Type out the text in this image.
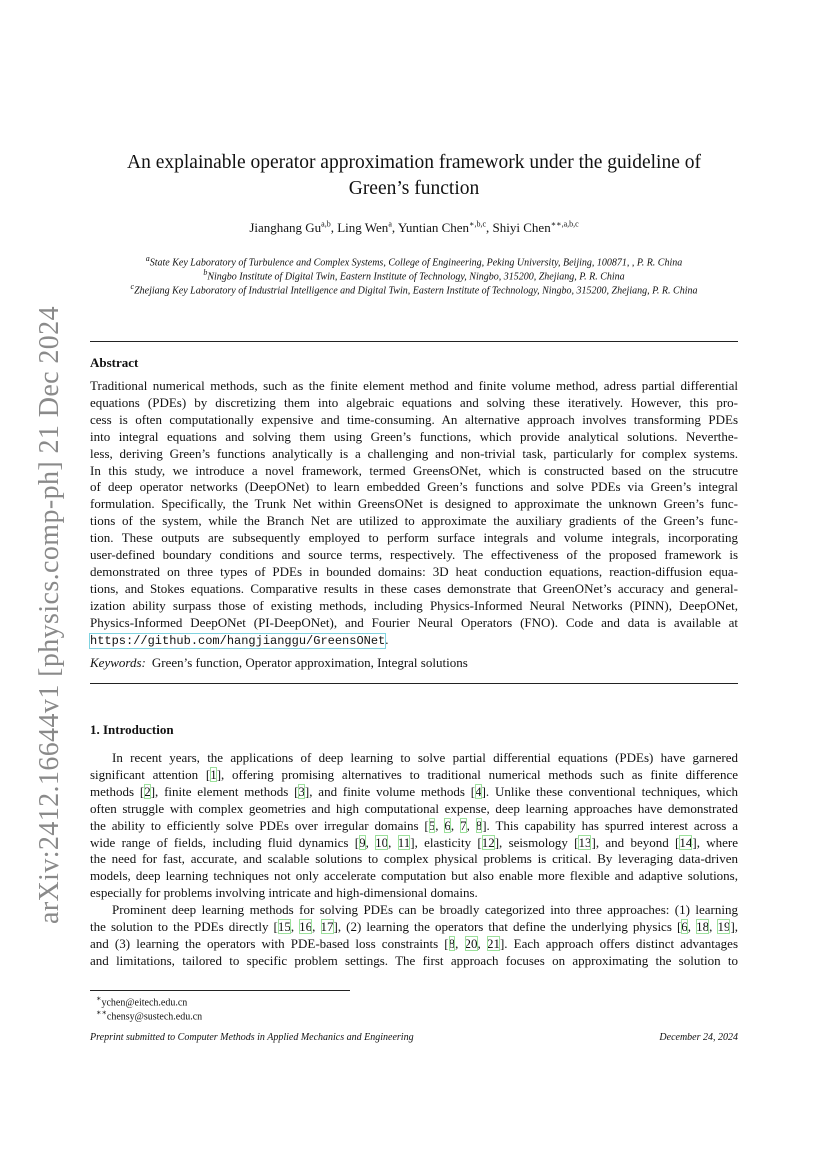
arXiv:2412.16644v1 [physics.comp-ph] 21 Dec 2024
An explainable operator approximation framework under the guideline of
Green’s function
Jianghang Gu$^{a,b}$, Ling Wen$^a$, Yuntian Chen$^{∗,b,c}$, Shiyi Chen$^{∗∗,a,b,c}$
$^a$State Key Laboratory of Turbulence and Complex Systems, College of Engineering, Peking University, Beijing, 100871, , P. R. China
$^b$Ningbo Institute of Digital Twin, Eastern Institute of Technology, Ningbo, 315200, Zhejiang, P. R. China
$^c$Zhejiang Key Laboratory of Industrial Intelligence and Digital Twin, Eastern Institute of Technology, Ningbo, 315200, Zhejiang, P. R. China
Abstract
Traditional numerical methods, such as the finite element method and finite volume method, adress partial differential
equations (PDEs) by discretizing them into algebraic equations and solving these iteratively. However, this pro-
cess is often computationally expensive and time-consuming. An alternative approach involves transforming PDEs
into integral equations and solving them using Green’s functions, which provide analytical solutions. Neverthe-
less, deriving Green’s functions analytically is a challenging and non-trivial task, particularly for complex systems.
In this study, we introduce a novel framework, termed GreensONet, which is constructed based on the strucutre
of deep operator networks (DeepONet) to learn embedded Green’s functions and solve PDEs via Green’s integral
formulation. Specifically, the Trunk Net within GreensONet is designed to approximate the unknown Green’s func-
tions of the system, while the Branch Net are utilized to approximate the auxiliary gradients of the Green’s func-
tion. These outputs are subsequently employed to perform surface integrals and volume integrals, incorporating
user-defined boundary conditions and source terms, respectively. The effectiveness of the proposed framework is
demonstrated on three types of PDEs in bounded domains: 3D heat conduction equations, reaction-diffusion equa-
tions, and Stokes equations. Comparative results in these cases demonstrate that GreenONet’s accuracy and general-
ization ability surpass those of existing methods, including Physics-Informed Neural Networks (PINN), DeepONet,
Physics-Informed DeepONet (PI-DeepONet), and Fourier Neural Operators (FNO). Code and data is available at
https://github.com/hangjianggu/GreensONet.
Keywords: Green’s function, Operator approximation, Integral solutions
1. Introduction
In recent years, the applications of deep learning to solve partial differential equations (PDEs) have garnered
significant attention [1], offering promising alternatives to traditional numerical methods such as finite difference
methods [2], finite element methods [3], and finite volume methods [4]. Unlike these conventional techniques, which
often struggle with complex geometries and high computational expense, deep learning approaches have demonstrated
the ability to efficiently solve PDEs over irregular domains [5, 6, 7, 8]. This capability has spurred interest across a
wide range of fields, including fluid dynamics [9, 10, 11], elasticity [12], seismology [13], and beyond [14], where
the need for fast, accurate, and scalable solutions to complex physical problems is critical. By leveraging data-driven
models, deep learning techniques not only accelerate computation but also enable more flexible and adaptive solutions,
especially for problems involving intricate and high-dimensional domains.
Prominent deep learning methods for solving PDEs can be broadly categorized into three approaches: (1) learning
the solution to the PDEs directly [15, 16, 17], (2) learning the operators that define the underlying physics [6, 18, 19],
and (3) learning the operators with PDE-based loss constraints [8, 20, 21]. Each approach offers distinct advantages
and limitations, tailored to specific problem settings. The first approach focuses on approximating the solution to
∗ychen@eitech.edu.cn
∗∗chensy@sustech.edu.cn
Preprint submitted to Computer Methods in Applied Mechanics and Engineering	December 24, 2024
